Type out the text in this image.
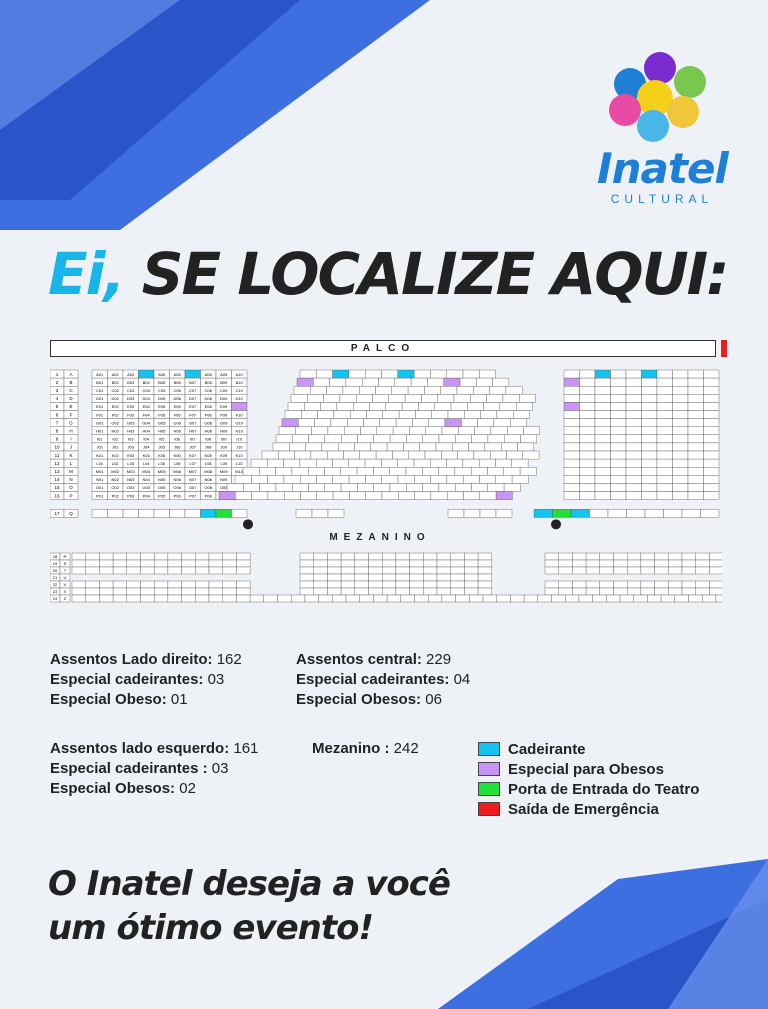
Inatel
CULTURAL
Ei, SE LOCALIZE AQUI:
PALCO
1 A	A01 A02 A03	A05 A06	A08 A09 A10
2 B	B01 B02 B03 B04 B05 B06 B07 B08 B09 B10
3 C	C01 C02 C03 C04 C05 C06 C07 C08 C09 C10
4 D	D01 D02 D03 D04 D05 D06 D07 D08 D09 D10
5 E	E01 E02 E03 E04 E05 E06 E07 E08 E09
6	F	F01 F02 F03 F04 F05 F06 F07 F08 F09 F10
7 G	G01 G02 G03 G04 G05 G06 G07 G08 G09 G10
8 H	H01 H02 H03 H04 H05 H06 H07 H08 H09 H10
9	I	I01 I02 I03 I04 I05 I06 I07 I08 I09 I10
10 J	J01 J02 J03 J04 J05 J06 J07 J08 J09 J10
11 K	K01 K02 K03 K04 K05 K06 K07 K08 K09 K10
12 L	L01 L02 L03 L04 L05 L06 L07 L08 L09 L10
13 M	M01 M02 M03 M04 M05 M06 M07 M08 M09 M10
14 N	N01 N02 N03 N04 N05 N06 N07 N08 N09
15 O	O01 O02 O03 O04 O05 O06 O07 O08 O09
16 P	P01 P02 P03 P04 P05 P06 P07 P08
17 Q
18 R
19 S
20 T
21 U
22 V
23 X
24 Z
MEZANINO
Assentos Lado direito: 162
Especial cadeirantes: 03
Especial Obeso: 01
Assentos central: 229
Especial cadeirantes: 04
Especial Obesos: 06
Assentos lado esquerdo: 161
Especial cadeirantes : 03
Especial Obesos: 02
Mezanino : 242	Cadeirante
Especial para Obesos
Porta de Entrada do Teatro
Saída de Emergência
O Inatel deseja a você
um ótimo evento!
